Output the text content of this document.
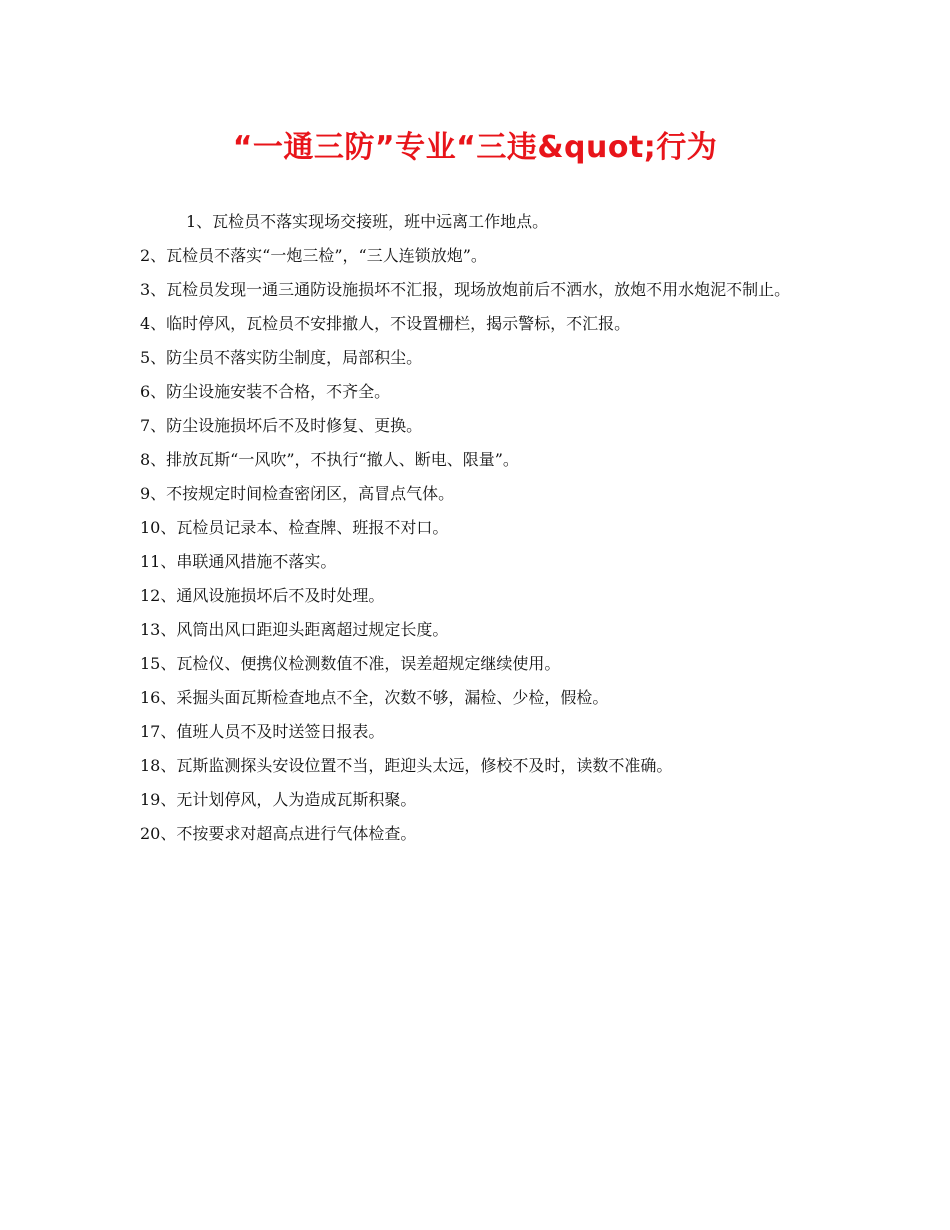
“一通三防”专业“三违&quot;行为

1、瓦检员不落实现场交接班，班中远离工作地点。

2、瓦检员不落实“一炮三检”，“三人连锁放炮”。

3、瓦检员发现一通三通防设施损坏不汇报，现场放炮前后不洒水，放炮不用水炮泥不制止。

4、临时停风，瓦检员不安排撤人，不设置栅栏，揭示警标，不汇报。

5、防尘员不落实防尘制度，局部积尘。

6、防尘设施安装不合格，不齐全。

7、防尘设施损坏后不及时修复、更换。

8、排放瓦斯“一风吹”，不执行“撤人、断电、限量”。

9、不按规定时间检查密闭区，高冒点气体。

10、瓦检员记录本、检查牌、班报不对口。

11、串联通风措施不落实。

12、通风设施损坏后不及时处理。

13、风筒出风口距迎头距离超过规定长度。

15、瓦检仪、便携仪检测数值不准，误差超规定继续使用。

16、采掘头面瓦斯检查地点不全，次数不够，漏检、少检，假检。

17、值班人员不及时送签日报表。

18、瓦斯监测探头安设位置不当，距迎头太远，修校不及时，读数不准确。

19、无计划停风，人为造成瓦斯积聚。

20、不按要求对超高点进行气体检查。
